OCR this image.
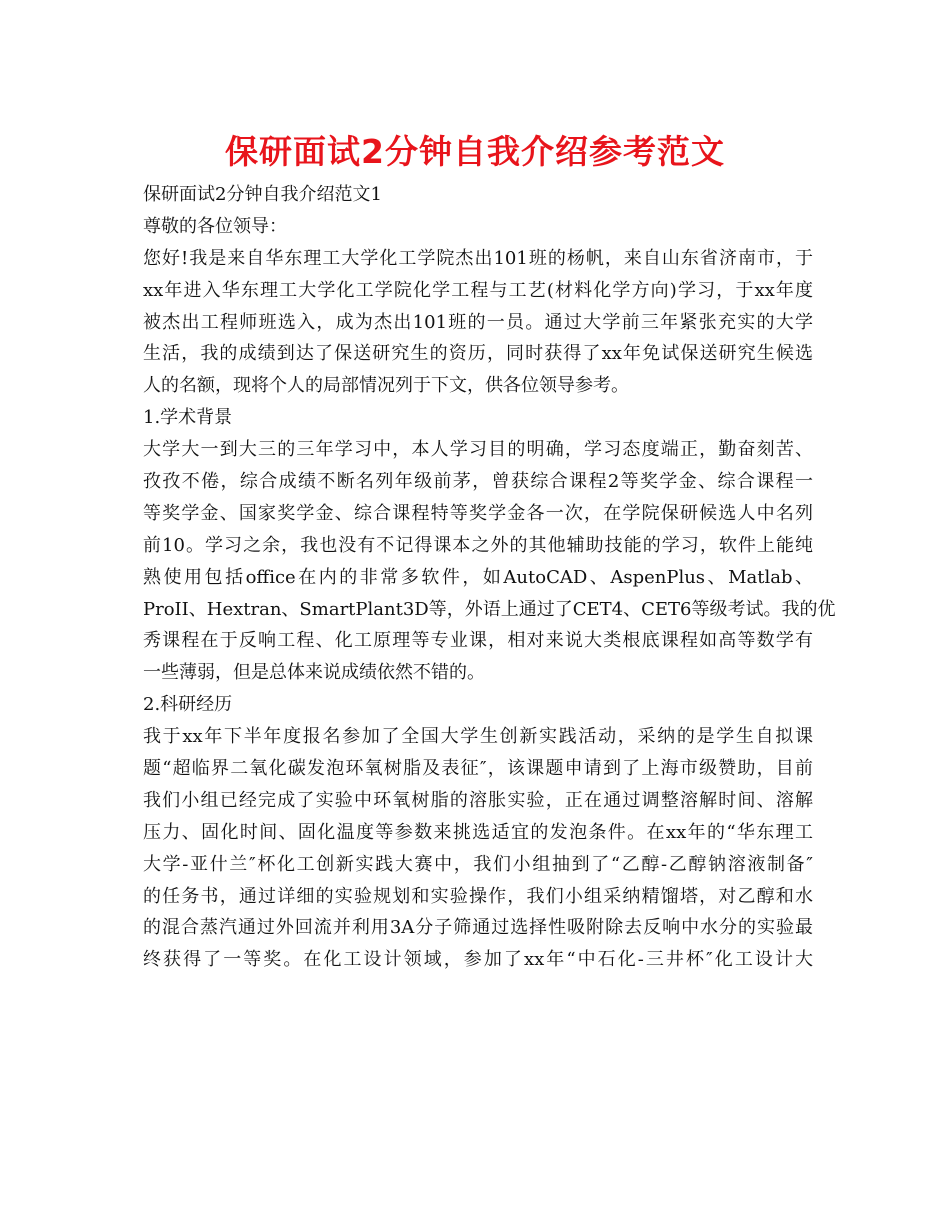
保研面试2分钟自我介绍参考范文

保研面试2分钟自我介绍范文1

尊敬的各位领导：

您好!我是来自华东理工大学化工学院杰出101班的杨帆，来自山东省济南市，于

xx年进入华东理工大学化工学院化学工程与工艺(材料化学方向)学习，于xx年度

被杰出工程师班选入，成为杰出101班的一员。通过大学前三年紧张充实的大学

生活，我的成绩到达了保送研究生的资历，同时获得了xx年免试保送研究生候选

人的名额，现将个人的局部情况列于下文，供各位领导参考。

1.学术背景

大学大一到大三的三年学习中，本人学习目的明确，学习态度端正，勤奋刻苦、

孜孜不倦，综合成绩不断名列年级前茅，曾获综合课程2等奖学金、综合课程一

等奖学金、国家奖学金、综合课程特等奖学金各一次，在学院保研候选人中名列

前10。学习之余，我也没有不记得课本之外的其他辅助技能的学习，软件上能纯

熟使用包括office在内的非常多软件，如AutoCAD、AspenPlus、Matlab、

ProII、Hextran、SmartPlant3D等，外语上通过了CET4、CET6等级考试。我的优

秀课程在于反响工程、化工原理等专业课，相对来说大类根底课程如高等数学有

一些薄弱，但是总体来说成绩依然不错的。

2.科研经历

我于xx年下半年度报名参加了全国大学生创新实践活动，采纳的是学生自拟课

题“超临界二氧化碳发泡环氧树脂及表征″，该课题申请到了上海市级赞助，目前

我们小组已经完成了实验中环氧树脂的溶胀实验，正在通过调整溶解时间、溶解

压力、固化时间、固化温度等参数来挑选适宜的发泡条件。在xx年的“华东理工

大学-亚什兰″杯化工创新实践大赛中，我们小组抽到了“乙醇-乙醇钠溶液制备″

的任务书，通过详细的实验规划和实验操作，我们小组采纳精馏塔，对乙醇和水

的混合蒸汽通过外回流并利用3A分子筛通过选择性吸附除去反响中水分的实验最

终获得了一等奖。在化工设计领域，参加了xx年“中石化-三井杯″化工设计大
